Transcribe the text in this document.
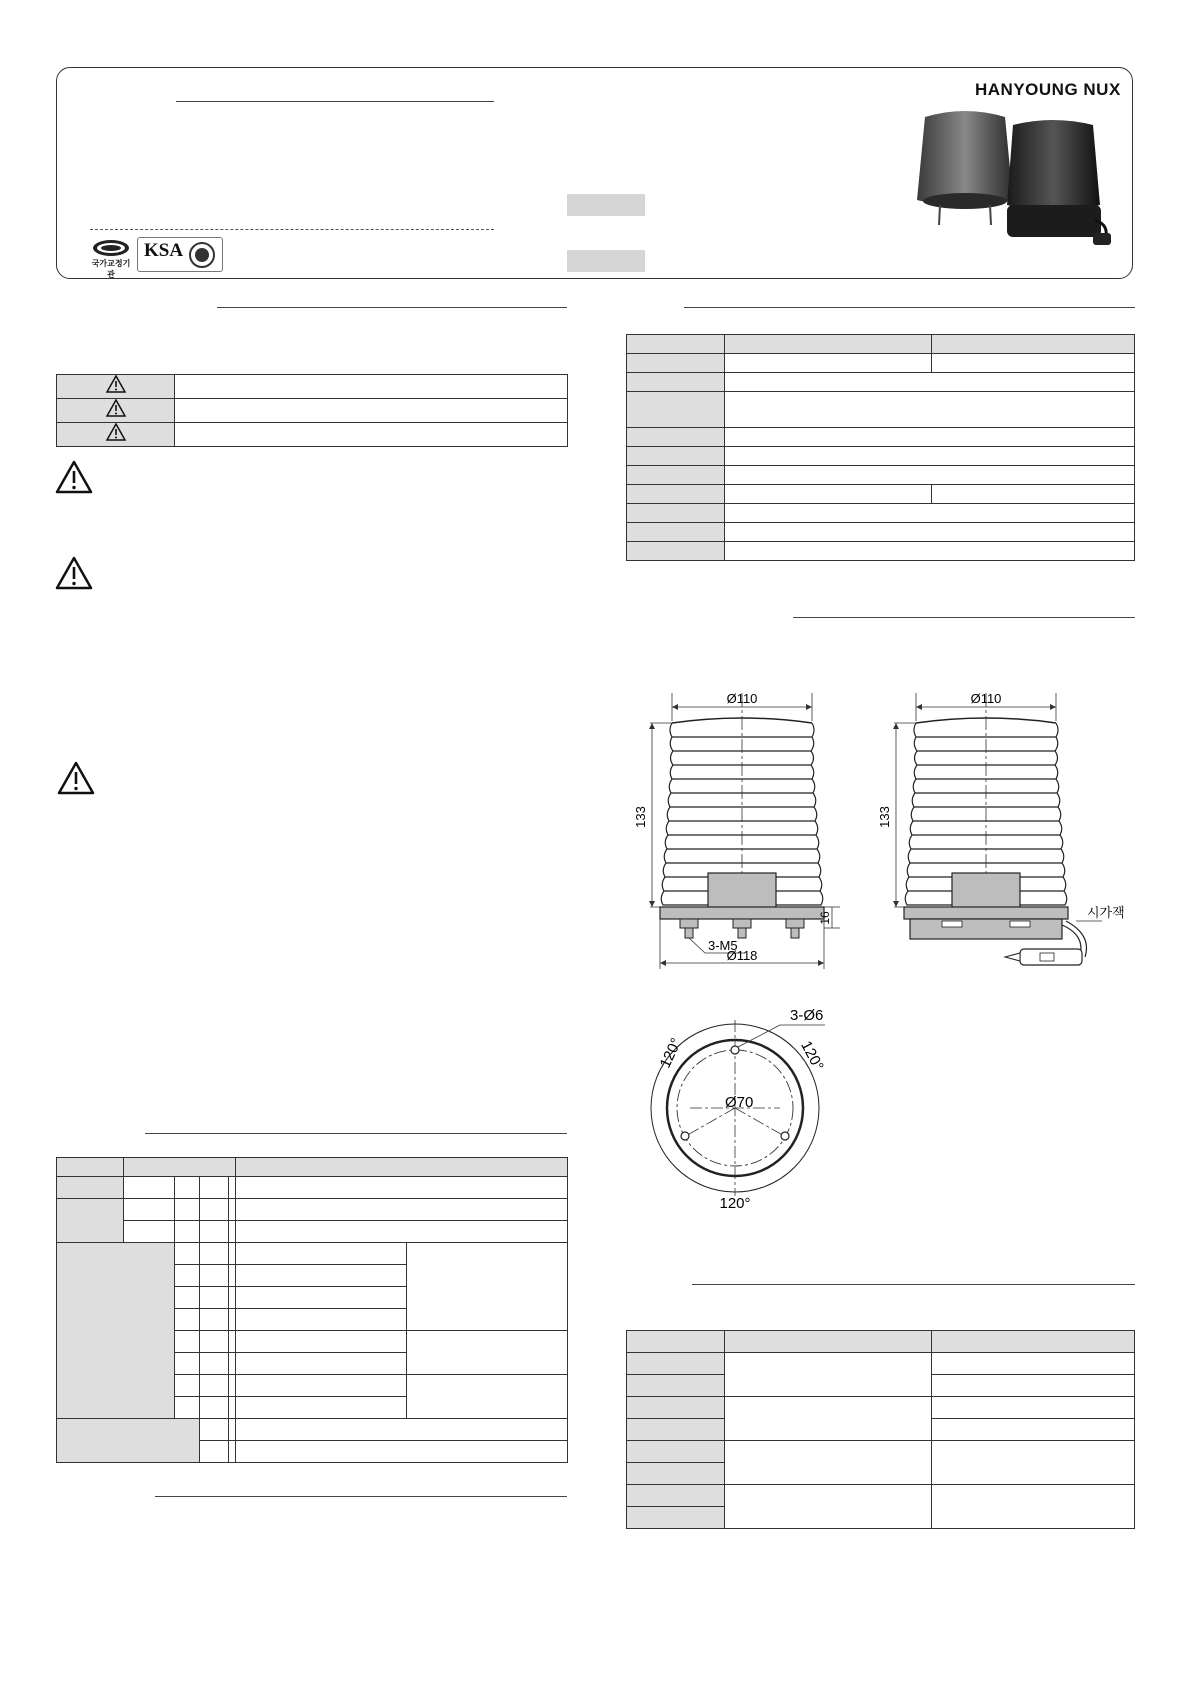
국가교정기관
KSA
HANYOUNG NUX

Ø110
133
16
3-M5
Ø118
Ø110
133
시가잭
3-Ø6
Ø70
120°	120°
120°
